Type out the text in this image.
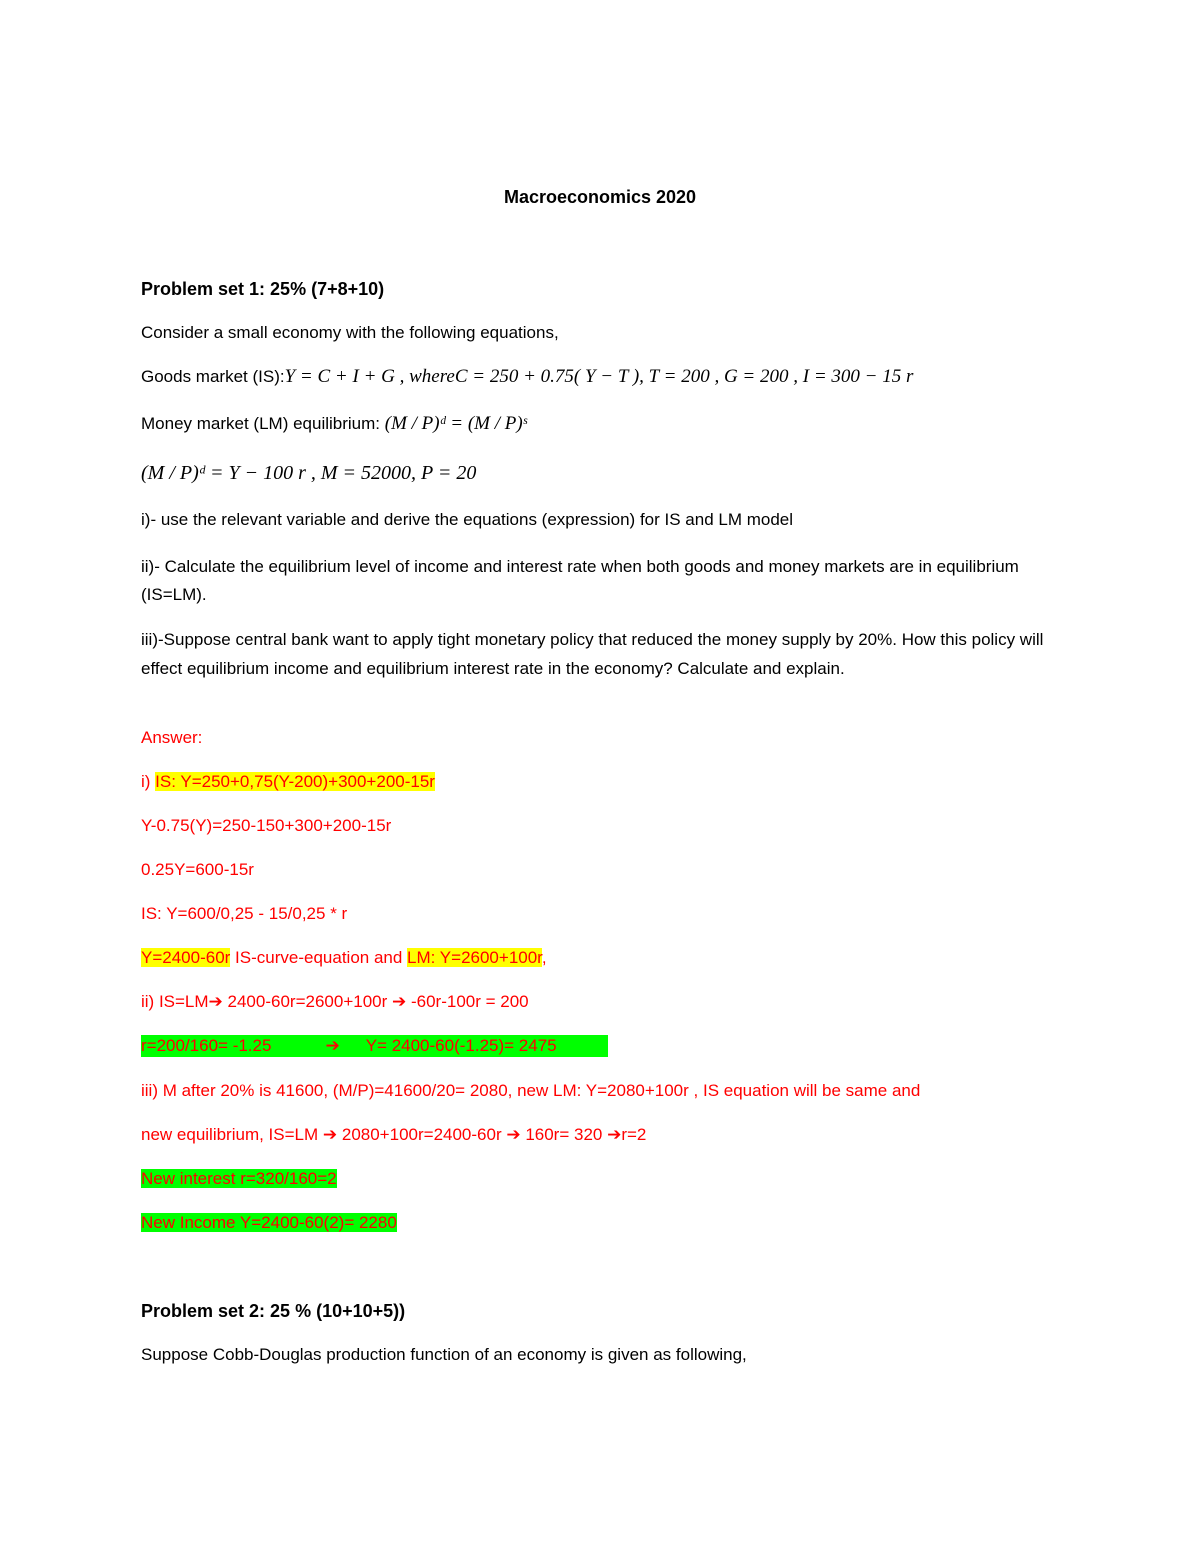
Macroeconomics 2020
Problem set 1: 25% (7+8+10)
Consider a small economy with the following equations,
Goods market (IS):Y = C + I + G , whereC = 250 + 0.75( Y − T ), T = 200 , G = 200 , I = 300 − 15 r
Money market (LM) equilibrium: (M / P)ᵈ = (M / P)ˢ
(M / P)ᵈ = Y − 100 r , M = 52000, P = 20
i)- use the relevant variable and derive the equations (expression) for IS and LM model
ii)- Calculate the equilibrium level of income and interest rate when both goods and money markets are in equilibrium (IS=LM).
iii)-Suppose central bank want to apply tight monetary policy that reduced the money supply by 20%. How this policy will effect equilibrium income and equilibrium interest rate in the economy? Calculate and explain.
Answer:
i) IS: Y=250+0,75(Y-200)+300+200-15r
Y-0.75(Y)=250-150+300+200-15r
0.25Y=600-15r
IS: Y=600/0,25 - 15/0,25 * r
Y=2400-60r IS-curve-equation and LM: Y=2600+100r,
ii) IS=LM➔ 2400-60r=2600+100r ➔ -60r-100r = 200
r=200/160= -1.25	➔ Y= 2400-60(-1.25)= 2475
iii) M after 20% is 41600, (M/P)=41600/20= 2080, new LM: Y=2080+100r , IS equation will be same and
new equilibrium, IS=LM ➔ 2080+100r=2400-60r ➔ 160r= 320 ➔r=2
New interest r=320/160=2
New Income Y=2400-60(2)= 2280
Problem set 2: 25 % (10+10+5))
Suppose Cobb-Douglas production function of an economy is given as following,
